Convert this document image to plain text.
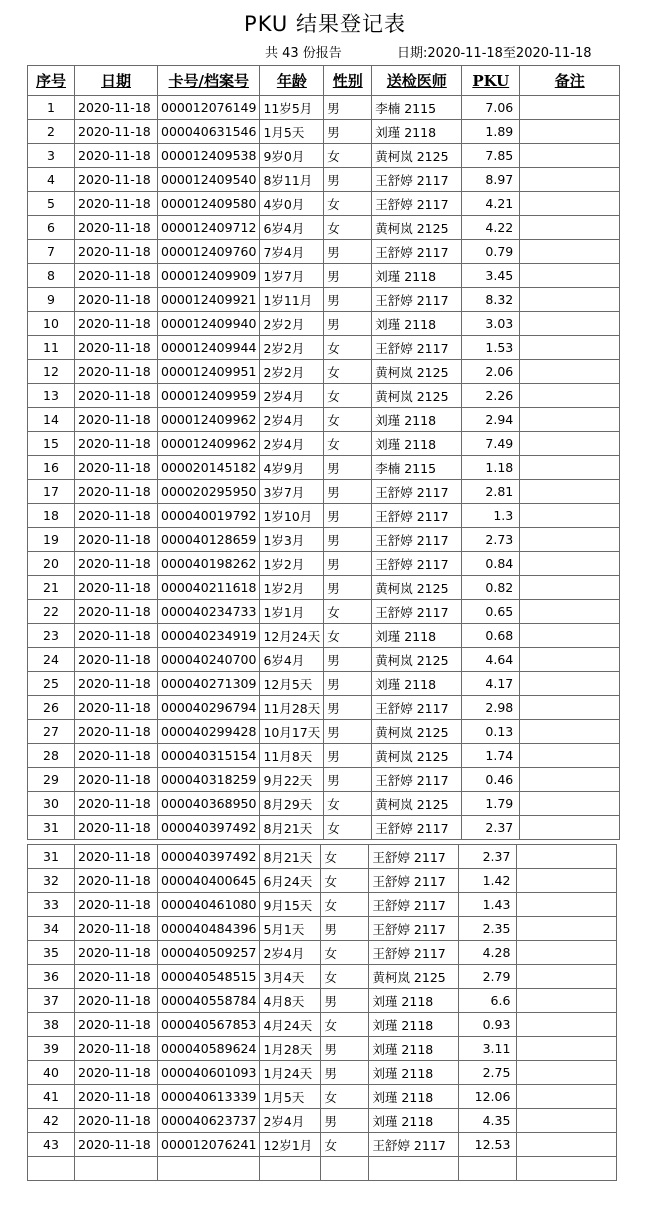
PKU 结果登记表
共 43 份报告	日期:2020-11-18至2020-11-18
序号	日期	卡号/档案号	年龄	性别	送检医师	PKU	备注
1	2020-11-18	000012076149	11岁5月	男	李楠 2115	7.06	
2	2020-11-18	000040631546	1月5天	男	刘瑾 2118	1.89	
3	2020-11-18	000012409538	9岁0月	女	黄柯岚 2125	7.85	
4	2020-11-18	000012409540	8岁11月	男	王舒婷 2117	8.97	
5	2020-11-18	000012409580	4岁0月	女	王舒婷 2117	4.21	
6	2020-11-18	000012409712	6岁4月	女	黄柯岚 2125	4.22	
7	2020-11-18	000012409760	7岁4月	男	王舒婷 2117	0.79	
8	2020-11-18	000012409909	1岁7月	男	刘瑾 2118	3.45	
9	2020-11-18	000012409921	1岁11月	男	王舒婷 2117	8.32	
10	2020-11-18	000012409940	2岁2月	男	刘瑾 2118	3.03	
11	2020-11-18	000012409944	2岁2月	女	王舒婷 2117	1.53	
12	2020-11-18	000012409951	2岁2月	女	黄柯岚 2125	2.06	
13	2020-11-18	000012409959	2岁4月	女	黄柯岚 2125	2.26	
14	2020-11-18	000012409962	2岁4月	女	刘瑾 2118	2.94	
15	2020-11-18	000012409962	2岁4月	女	刘瑾 2118	7.49	
16	2020-11-18	000020145182	4岁9月	男	李楠 2115	1.18	
17	2020-11-18	000020295950	3岁7月	男	王舒婷 2117	2.81	
18	2020-11-18	000040019792	1岁10月	男	王舒婷 2117	1.3	
19	2020-11-18	000040128659	1岁3月	男	王舒婷 2117	2.73	
20	2020-11-18	000040198262	1岁2月	男	王舒婷 2117	0.84	
21	2020-11-18	000040211618	1岁2月	男	黄柯岚 2125	0.82	
22	2020-11-18	000040234733	1岁1月	女	王舒婷 2117	0.65	
23	2020-11-18	000040234919	12月24天	女	刘瑾 2118	0.68	
24	2020-11-18	000040240700	6岁4月	男	黄柯岚 2125	4.64	
25	2020-11-18	000040271309	12月5天	男	刘瑾 2118	4.17	
26	2020-11-18	000040296794	11月28天	男	王舒婷 2117	2.98	
27	2020-11-18	000040299428	10月17天	男	黄柯岚 2125	0.13	
28	2020-11-18	000040315154	11月8天	男	黄柯岚 2125	1.74	
29	2020-11-18	000040318259	9月22天	男	王舒婷 2117	0.46	
30	2020-11-18	000040368950	8月29天	女	黄柯岚 2125	1.79	
31	2020-11-18	000040397492	8月21天	女	王舒婷 2117	2.37	
31	2020-11-18	000040397492	8月21天	女	王舒婷 2117	2.37	
32	2020-11-18	000040400645	6月24天	女	王舒婷 2117	1.42	
33	2020-11-18	000040461080	9月15天	女	王舒婷 2117	1.43	
34	2020-11-18	000040484396	5月1天	男	王舒婷 2117	2.35	
35	2020-11-18	000040509257	2岁4月	女	王舒婷 2117	4.28	
36	2020-11-18	000040548515	3月4天	女	黄柯岚 2125	2.79	
37	2020-11-18	000040558784	4月8天	男	刘瑾 2118	6.6	
38	2020-11-18	000040567853	4月24天	女	刘瑾 2118	0.93	
39	2020-11-18	000040589624	1月28天	男	刘瑾 2118	3.11	
40	2020-11-18	000040601093	1月24天	男	刘瑾 2118	2.75	
41	2020-11-18	000040613339	1月5天	女	刘瑾 2118	12.06	
42	2020-11-18	000040623737	2岁4月	男	刘瑾 2118	4.35	
43	2020-11-18	000012076241	12岁1月	女	王舒婷 2117	12.53	
